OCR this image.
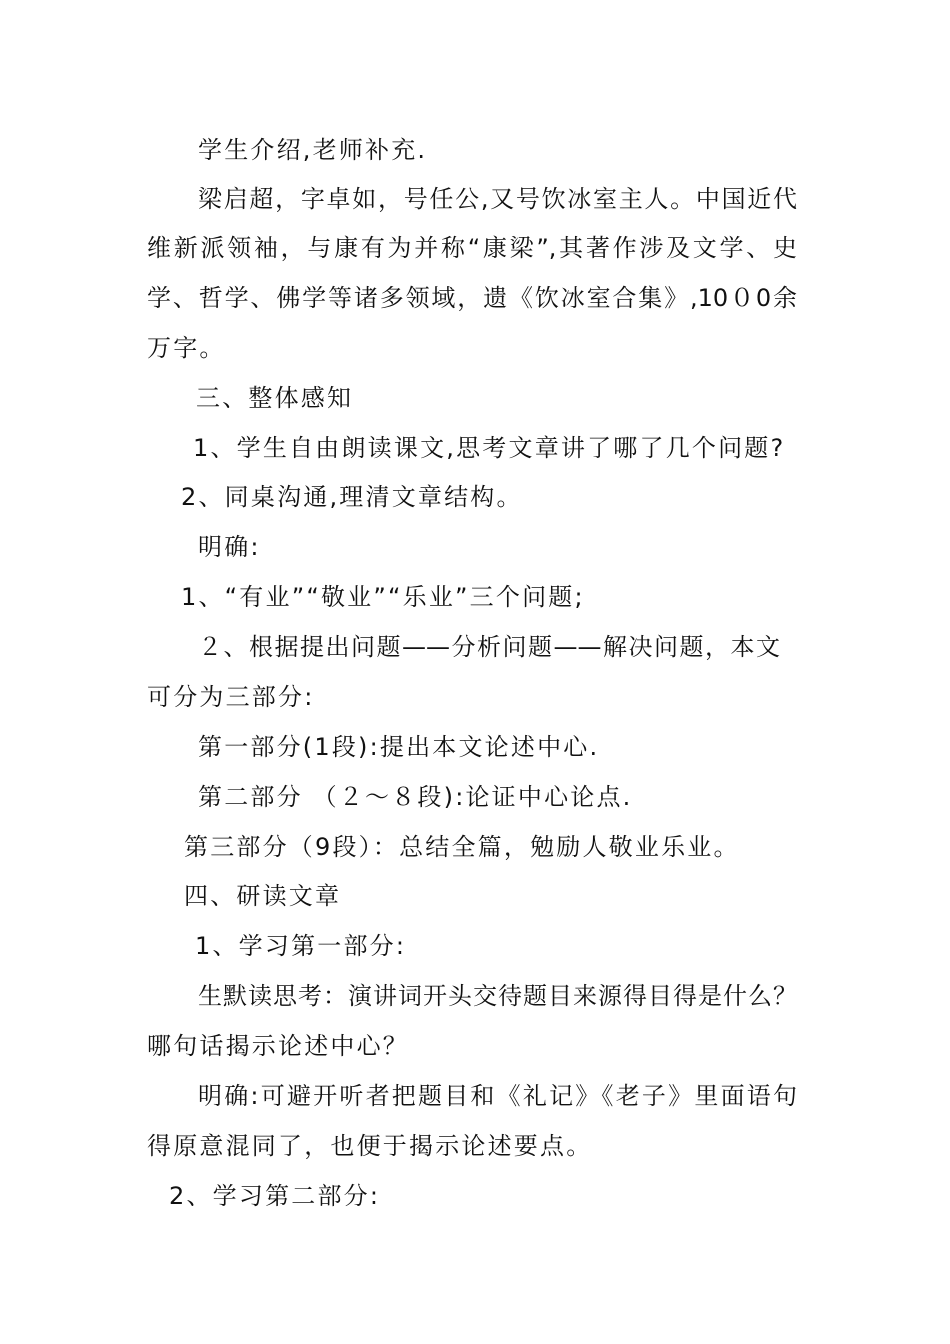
学生介绍,老师补充.
梁启超，字卓如，号任公,又号饮冰室主人。中国近代
维新派领袖，与康有为并称“康梁”,其著作涉及文学、史
学、哲学、佛学等诸多领域，遗《饮冰室合集》,10０0余
万字。
三、整体感知
1、学生自由朗读课文,思考文章讲了哪了几个问题?
2、同桌沟通,理清文章结构。
明确:
1、“有业”“敬业”“乐业”三个问题;
２、根据提出问题——分析问题——解决问题，本文
可分为三部分:
第一部分(1段):提出本文论述中心.
第二部分 （２～８段):论证中心论点.
第三部分（9段）：总结全篇，勉励人敬业乐业。
四、研读文章
1、学习第一部分:
生默读思考：演讲词开头交待题目来源得目得是什么？
哪句话揭示论述中心？
明确:可避开听者把题目和《礼记》《老子》里面语句
得原意混同了，也便于揭示论述要点。
2、学习第二部分:
